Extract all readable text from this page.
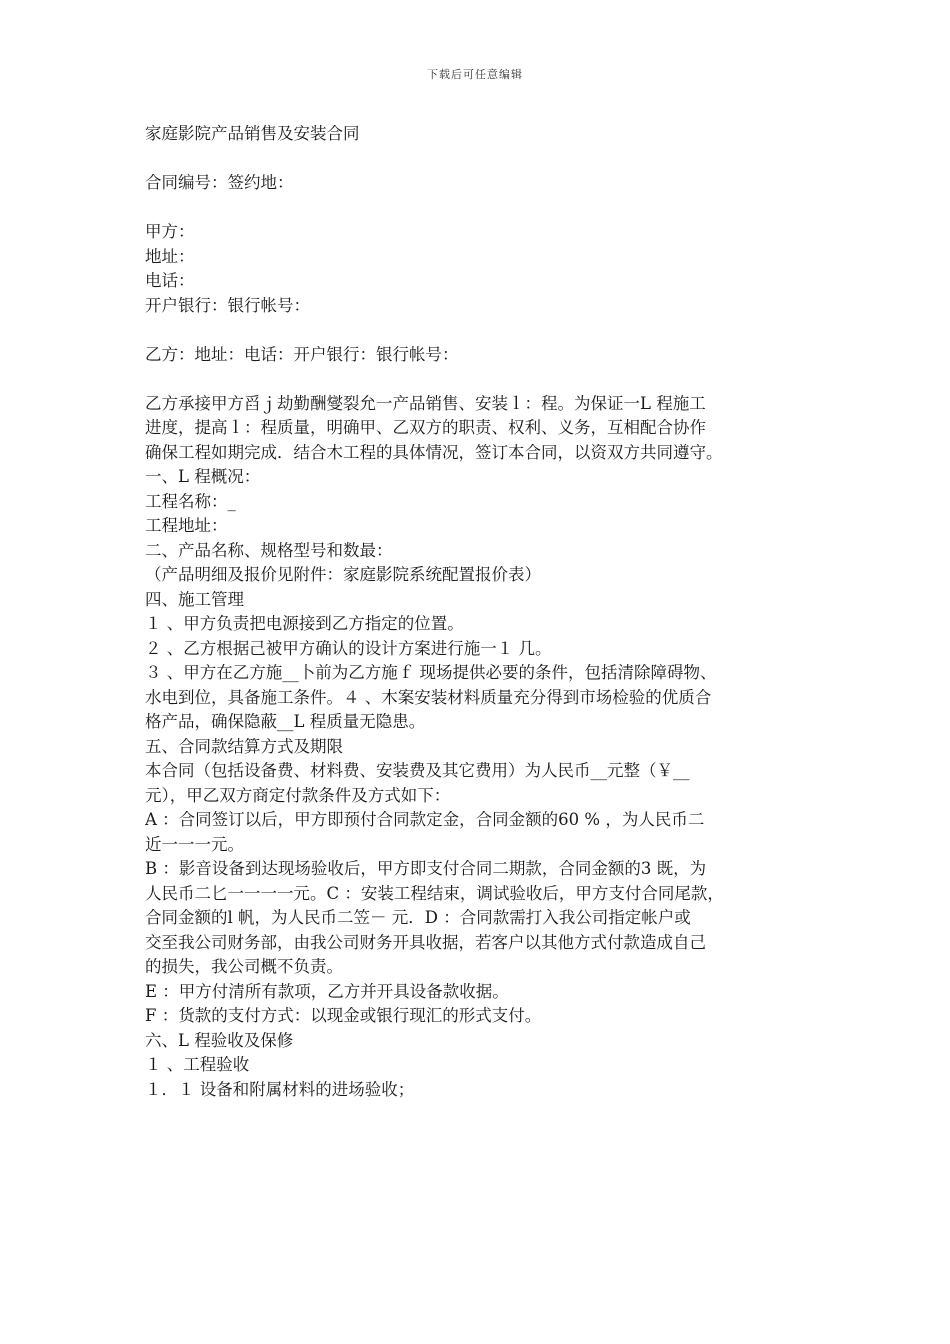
下载后可任意编辑
家庭影院产品销售及安装合同
合同编号：签约地：
甲方：
地址：
电话：
开户银行：银行帐号：
乙方：地址：电话：开户银行：银行帐号：
乙方承接甲方舀ｊ劫勤酬燮裂允一产品销售、安装ｌ：程。为保证一L 程施工
进度，提高ｌ：程质量，明确甲、乙双方的职责、权利、义务，互相配合协作
确保工程如期完成．结合木工程的具体情况，签订本合同，以资双方共同遵守。
一、L 程概况：
工程名称：_
工程地址：
二、产品名称、规格型号和数最：
（产品明细及报价见附件：家庭影院系统配置报价表）
四、施工管理
１ 、甲方负责把电源接到乙方指定的位置。
２ 、乙方根据己被甲方确认的设计方案进行施一１ 几。
３ 、甲方在乙方施__卜前为乙方施ｆ 现场提供必要的条件，包括清除障碍物、
水电到位，具备施工条件。４ 、木案安装材料质量充分得到市场检验的优质合
格产品，确保隐蔽__L 程质量无隐患。
五、合同款结算方式及期限
本合同（包括设备费、材料费、安装费及其它费用）为人民币__元整（￥__
元），甲乙双方商定付款条件及方式如下：
A ：合同签订以后，甲方即预付合同款定金，合同金额的60 % ，为人民币二
近一一一元。
B ：影音设备到达现场验收后，甲方即支付合同二期款，合同金额的3 既，为
人民币二匕一一一一元。C ：安装工程结束，调试验收后，甲方支付合同尾款，
合同金额的l 帆，为人民币二笠－ 元．D ：合同款需打入我公司指定帐户或
交至我公司财务部，由我公司财务开具收据，若客户以其他方式付款造成自己
的损失，我公司概不负责。
E ：甲方付清所有款项，乙方并开具设备款收据。
F ：货款的支付方式：以现金或银行现汇的形式支付。
六、L 程验收及保修
１ 、工程验收
１．１ 设备和附属材料的进场验收；
